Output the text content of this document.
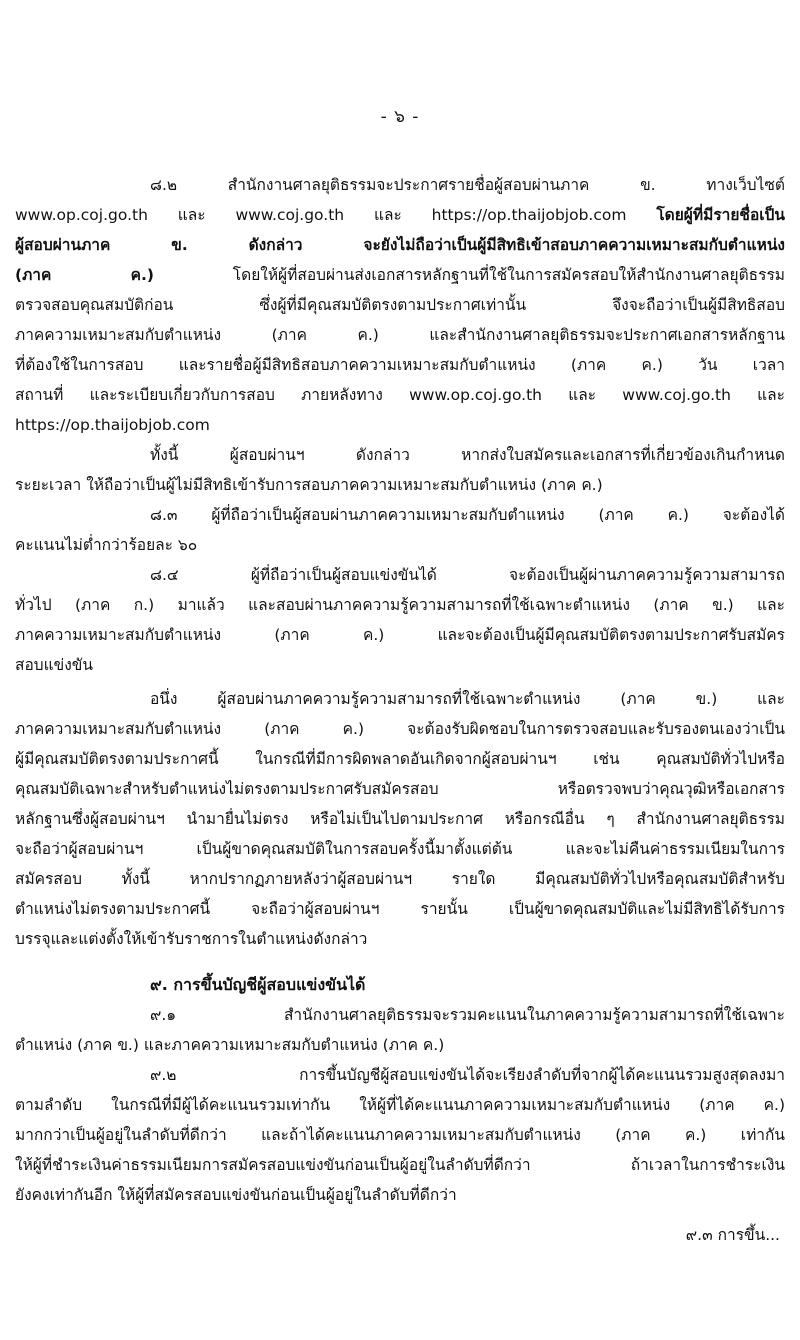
- ๖ -
๘.๒ สำนักงานศาลยุติธรรมจะประกาศรายชื่อผู้สอบผ่านภาค ข. ทางเว็บไซต์
www.op.coj.go.th และ www.coj.go.th และ https://op.thaijobjob.com โดยผู้ที่มีรายชื่อเป็น
ผู้สอบผ่านภาค ข. ดังกล่าว จะยังไม่ถือว่าเป็นผู้มีสิทธิเข้าสอบภาคความเหมาะสมกับตำแหน่ง
(ภาค ค.) โดยให้ผู้ที่สอบผ่านส่งเอกสารหลักฐานที่ใช้ในการสมัครสอบให้สำนักงานศาลยุติธรรม
ตรวจสอบคุณสมบัติก่อน ซึ่งผู้ที่มีคุณสมบัติตรงตามประกาศเท่านั้น จึงจะถือว่าเป็นผู้มีสิทธิสอบ
ภาคความเหมาะสมกับตำแหน่ง (ภาค ค.) และสำนักงานศาลยุติธรรมจะประกาศเอกสารหลักฐาน
ที่ต้องใช้ในการสอบ และรายชื่อผู้มีสิทธิสอบภาคความเหมาะสมกับตำแหน่ง (ภาค ค.) วัน เวลา
สถานที่ และระเบียบเกี่ยวกับการสอบ ภายหลังทาง www.op.coj.go.th และ www.coj.go.th และ
https://op.thaijobjob.com
ทั้งนี้ ผู้สอบผ่านฯ ดังกล่าว หากส่งใบสมัครและเอกสารที่เกี่ยวข้องเกินกำหนด
ระยะเวลา ให้ถือว่าเป็นผู้ไม่มีสิทธิเข้ารับการสอบภาคความเหมาะสมกับตำแหน่ง (ภาค ค.)
๘.๓ ผู้ที่ถือว่าเป็นผู้สอบผ่านภาคความเหมาะสมกับตำแหน่ง (ภาค ค.) จะต้องได้
คะแนนไม่ต่ำกว่าร้อยละ ๖๐
๘.๔ ผู้ที่ถือว่าเป็นผู้สอบแข่งขันได้ จะต้องเป็นผู้ผ่านภาคความรู้ความสามารถ
ทั่วไป (ภาค ก.) มาแล้ว และสอบผ่านภาคความรู้ความสามารถที่ใช้เฉพาะตำแหน่ง (ภาค ข.) และ
ภาคความเหมาะสมกับตำแหน่ง (ภาค ค.) และจะต้องเป็นผู้มีคุณสมบัติตรงตามประกาศรับสมัคร
สอบแข่งขัน
อนึ่ง ผู้สอบผ่านภาคความรู้ความสามารถที่ใช้เฉพาะตำแหน่ง (ภาค ข.) และ
ภาคความเหมาะสมกับตำแหน่ง (ภาค ค.) จะต้องรับผิดชอบในการตรวจสอบและรับรองตนเองว่าเป็น
ผู้มีคุณสมบัติตรงตามประกาศนี้ ในกรณีที่มีการผิดพลาดอันเกิดจากผู้สอบผ่านฯ เช่น คุณสมบัติทั่วไปหรือ
คุณสมบัติเฉพาะสำหรับตำแหน่งไม่ตรงตามประกาศรับสมัครสอบ หรือตรวจพบว่าคุณวุฒิหรือเอกสาร
หลักฐานซึ่งผู้สอบผ่านฯ นำมายื่นไม่ตรง หรือไม่เป็นไปตามประกาศ หรือกรณีอื่น ๆ สำนักงานศาลยุติธรรม
จะถือว่าผู้สอบผ่านฯ เป็นผู้ขาดคุณสมบัติในการสอบครั้งนี้มาตั้งแต่ต้น และจะไม่คืนค่าธรรมเนียมในการ
สมัครสอบ ทั้งนี้ หากปรากฏภายหลังว่าผู้สอบผ่านฯ รายใด มีคุณสมบัติทั่วไปหรือคุณสมบัติสำหรับ
ตำแหน่งไม่ตรงตามประกาศนี้ จะถือว่าผู้สอบผ่านฯ รายนั้น เป็นผู้ขาดคุณสมบัติและไม่มีสิทธิได้รับการ
บรรจุและแต่งตั้งให้เข้ารับราชการในตำแหน่งดังกล่าว
๙. การขึ้นบัญชีผู้สอบแข่งขันได้
๙.๑ สำนักงานศาลยุติธรรมจะรวมคะแนนในภาคความรู้ความสามารถที่ใช้เฉพาะ
ตำแหน่ง (ภาค ข.) และภาคความเหมาะสมกับตำแหน่ง (ภาค ค.)
๙.๒ การขึ้นบัญชีผู้สอบแข่งขันได้จะเรียงลำดับที่จากผู้ได้คะแนนรวมสูงสุดลงมา
ตามลำดับ ในกรณีที่มีผู้ได้คะแนนรวมเท่ากัน ให้ผู้ที่ได้คะแนนภาคความเหมาะสมกับตำแหน่ง (ภาค ค.)
มากกว่าเป็นผู้อยู่ในลำดับที่ดีกว่า และถ้าได้คะแนนภาคความเหมาะสมกับตำแหน่ง (ภาค ค.) เท่ากัน
ให้ผู้ที่ชำระเงินค่าธรรมเนียมการสมัครสอบแข่งขันก่อนเป็นผู้อยู่ในลำดับที่ดีกว่า ถ้าเวลาในการชำระเงิน
ยังคงเท่ากันอีก ให้ผู้ที่สมัครสอบแข่งขันก่อนเป็นผู้อยู่ในลำดับที่ดีกว่า
๙.๓ การขึ้น...
